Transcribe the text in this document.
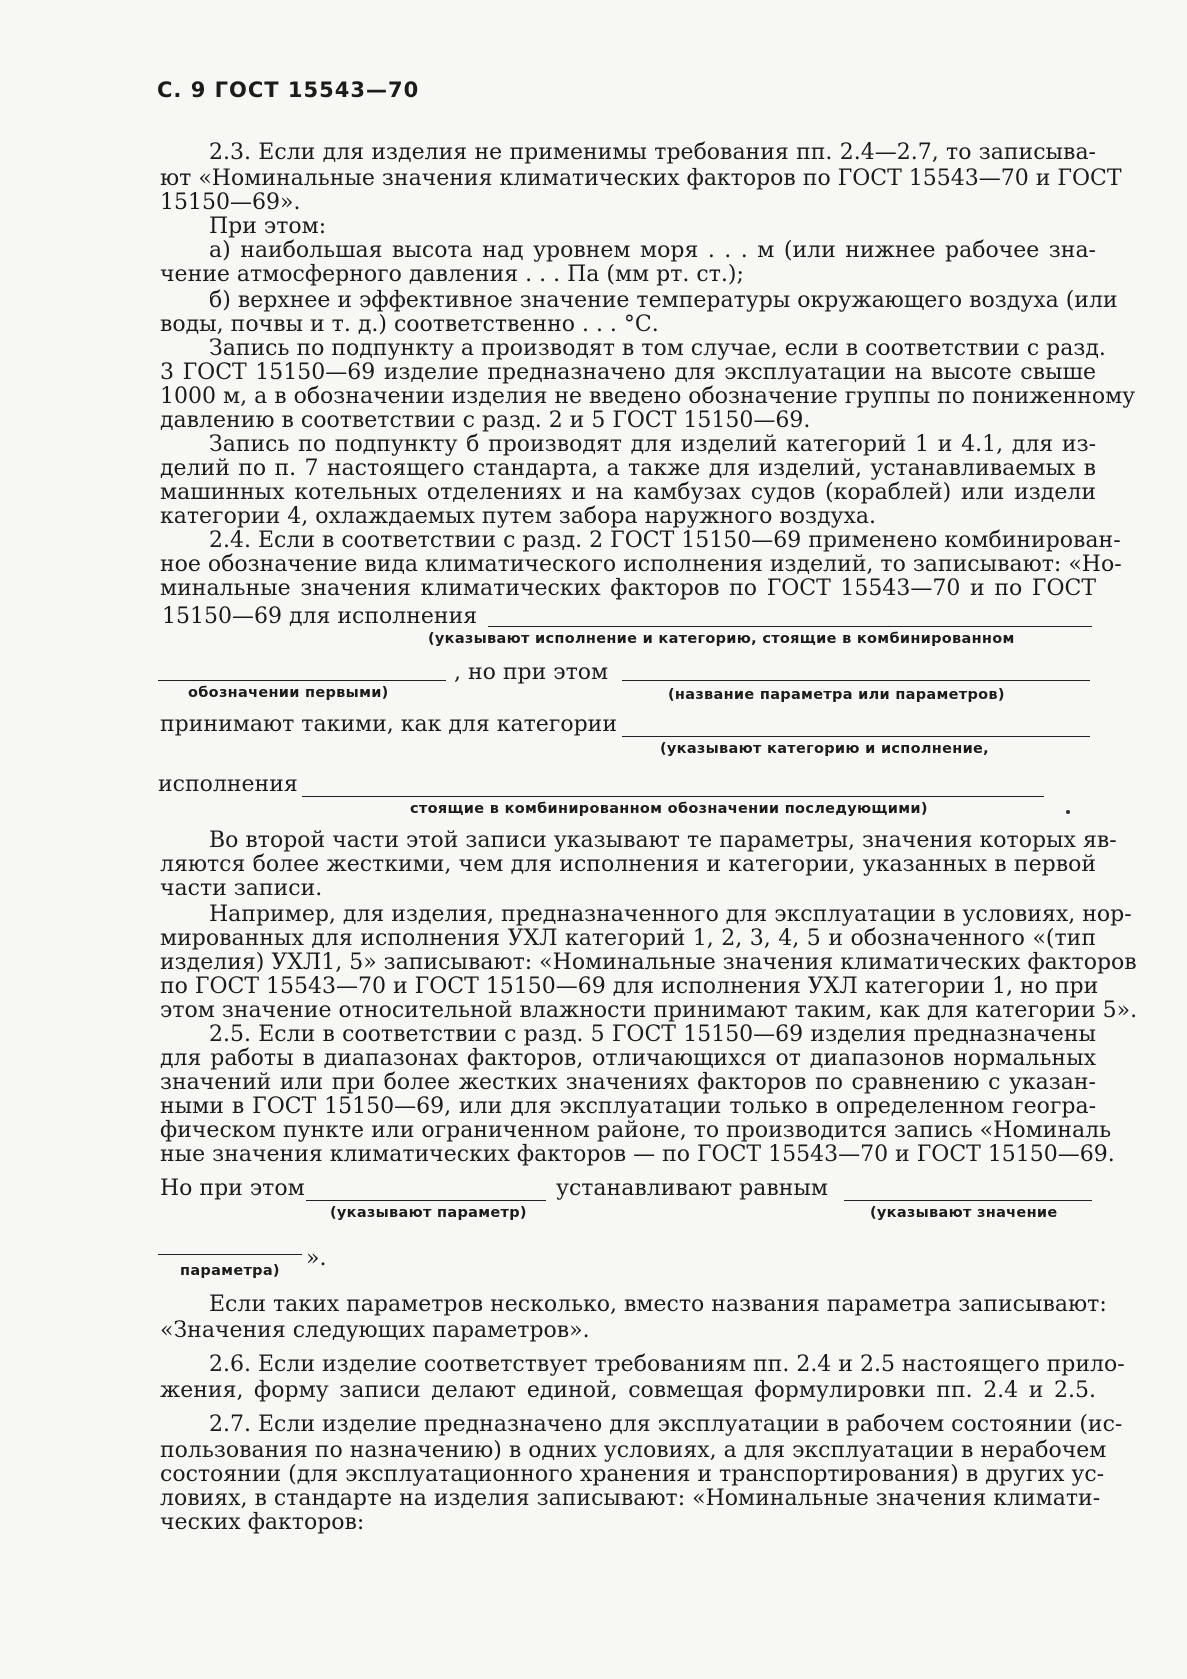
С. 9 ГОСТ 15543—70
2.3. Если для изделия не применимы требования пп. 2.4—2.7, то записыва-
ют «Номинальные значения климатических факторов по ГОСТ 15543—70 и ГОСТ
15150—69».
При этом:
а) наибольшая высота над уровнем моря . . . м (или нижнее рабочее зна-
чение атмосферного давления . . . Па (мм рт. ст.);
б) верхнее и эффективное значение температуры окружающего воздуха (или
воды, почвы и т. д.) соответственно . . . °С.
Запись по подпункту а производят в том случае, если в соответствии с разд.
3 ГОСТ 15150—69 изделие предназначено для эксплуатации на высоте свыше
1000 м, а в обозначении изделия не введено обозначение группы по пониженному
давлению в соответствии с разд. 2 и 5 ГОСТ 15150—69.
Запись по подпункту б производят для изделий категорий 1 и 4.1, для из-
делий по п. 7 настоящего стандарта, а также для изделий, устанавливаемых в
машинных котельных отделениях и на камбузах судов (кораблей) или издели
категории 4, охлаждаемых путем забора наружного воздуха.
2.4. Если в соответствии с разд. 2 ГОСТ 15150—69 применено комбинирован-
ное обозначение вида климатического исполнения изделий, то записывают: «Но-
минальные значения климатических факторов по ГОСТ 15543—70 и по ГОСТ
15150—69 для исполнения
(указывают исполнение и категорию, стоящие в комбинированном
, но при этом
обозначении первыми)	(название параметра или параметров)
принимают такими, как для категории
(указывают категорию и исполнение,
исполнения
стоящие в комбинированном обозначении последующими)
Во второй части этой записи указывают те параметры, значения которых яв-
ляются более жесткими, чем для исполнения и категории, указанных в первой
части записи.
Например, для изделия, предназначенного для эксплуатации в условиях, нор-
мированных для исполнения УХЛ категорий 1, 2, 3, 4, 5 и обозначенного «(тип
изделия) УХЛ1, 5» записывают: «Номинальные значения климатических факторов
по ГОСТ 15543—70 и ГОСТ 15150—69 для исполнения УХЛ категории 1, но при
этом значение относительной влажности принимают таким, как для категории 5».
2.5. Если в соответствии с разд. 5 ГОСТ 15150—69 изделия предназначены
для работы в диапазонах факторов, отличающихся от диапазонов нормальных
значений или при более жестких значениях факторов по сравнению с указан-
ными в ГОСТ 15150—69, или для эксплуатации только в определенном геогра-
фическом пункте или ограниченном районе, то производится запись «Номиналь
ные значения климатических факторов — по ГОСТ 15543—70 и ГОСТ 15150—69.
Но при этом	устанавливают равным
(указывают параметр)	(указывают значение
параметра) ».
Если таких параметров несколько, вместо названия параметра записывают:
«Значения следующих параметров».
2.6. Если изделие соответствует требованиям пп. 2.4 и 2.5 настоящего прило-
жения, форму записи делают единой, совмещая формулировки пп. 2.4 и 2.5.
2.7. Если изделие предназначено для эксплуатации в рабочем состоянии (ис-
пользования по назначению) в одних условиях, а для эксплуатации в нерабочем
состоянии (для эксплуатационного хранения и транспортирования) в других ус-
ловиях, в стандарте на изделия записывают: «Номинальные значения климати-
ческих факторов:
